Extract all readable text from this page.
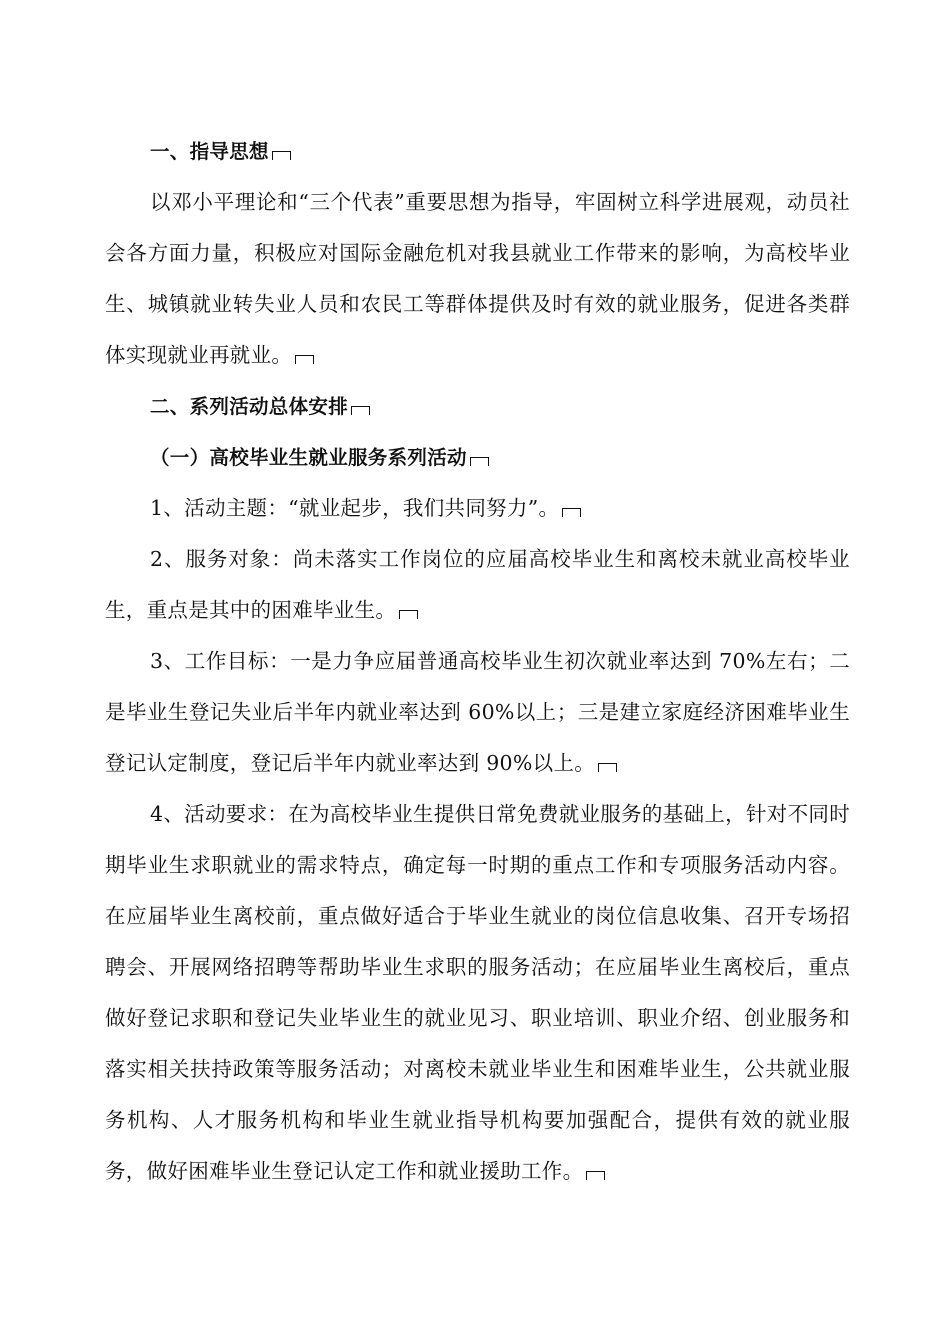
一、指导思想

以邓小平理论和“三个代表”重要思想为指导，牢固树立科学进展观，动员社会各方面力量，积极应对国际金融危机对我县就业工作带来的影响，为高校毕业生、城镇就业转失业人员和农民工等群体提供及时有效的就业服务，促进各类群体实现就业再就业。

二、系列活动总体安排

（一）高校毕业生就业服务系列活动

1、活动主题：“就业起步，我们共同努力”。

2、服务对象：尚未落实工作岗位的应届高校毕业生和离校未就业高校毕业生，重点是其中的困难毕业生。

3、工作目标：一是力争应届普通高校毕业生初次就业率达到 70%左右；二是毕业生登记失业后半年内就业率达到 60%以上；三是建立家庭经济困难毕业生登记认定制度，登记后半年内就业率达到 90%以上。

4、活动要求：在为高校毕业生提供日常免费就业服务的基础上，针对不同时期毕业生求职就业的需求特点，确定每一时期的重点工作和专项服务活动内容。在应届毕业生离校前，重点做好适合于毕业生就业的岗位信息收集、召开专场招聘会、开展网络招聘等帮助毕业生求职的服务活动；在应届毕业生离校后，重点做好登记求职和登记失业毕业生的就业见习、职业培训、职业介绍、创业服务和落实相关扶持政策等服务活动；对离校未就业毕业生和困难毕业生，公共就业服务机构、人才服务机构和毕业生就业指导机构要加强配合，提供有效的就业服务，做好困难毕业生登记认定工作和就业援助工作。
